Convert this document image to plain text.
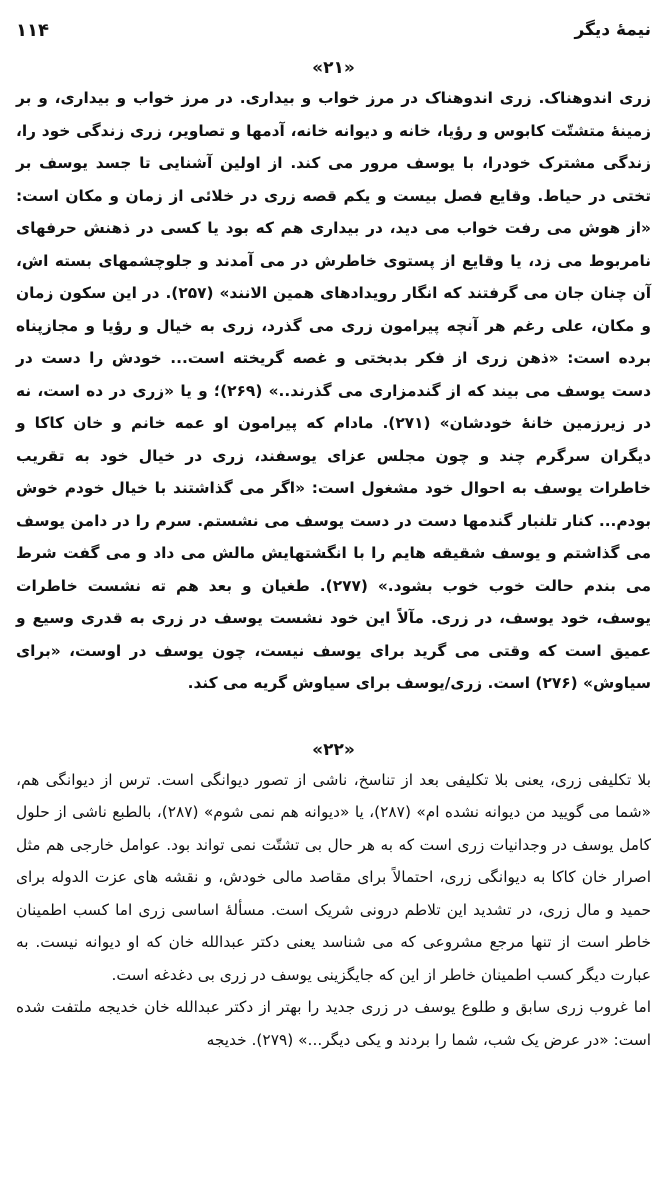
نیمهٔ دیگر
۱۱۴
«۲۱»

زری اندوهناک. زری اندوهناک در مرز خواب و بیداری. در مرز خواب و بیداری، و بر زمینهٔ متشتّت کابوس و رؤیا، خانه و دیوانه خانه، آدمها و تصاویر، زری زندگی خود را، زندگی مشترک خودرا، با یوسف مرور می کند. از اولین آشنایی تا جسد یوسف بر تختی در حیاط. وقایع فصل بیست و یکم قصه زری در خلائی از زمان و مکان است: «از هوش می رفت خواب می دید، در بیداری هم که بود یا کسی در ذهنش حرفهای نامربوط می زد، یا وقایع از پستوی خاطرش در می آمدند و جلوچشمهای بسته اش، آن چنان جان می گرفتند که انگار رویدادهای همین الانند» (۲۵۷). در این سکون زمان و مکان، علی رغم هر آنچه پیرامون زری می گذرد، زری به خیال و رؤیا و مجازپناه برده است: «ذهن زری از فکر بدبختی و غصه گریخته است... خودش را دست در دست یوسف می بیند که از گندمزاری می گذرند..» (۲۶۹)؛ و یا «زری در ده است، نه در زیرزمین خانهٔ خودشان» (۲۷۱). مادام که پیرامون او عمه خانم و خان کاکا و دیگران سرگرم چند و چون مجلس عزای یوسفند، زری در خیال خود به تقریب خاطرات یوسف به احوال خود مشغول است: «اگر می گذاشتند با خیال خودم خوش بودم... کنار تلنبار گندمها دست در دست یوسف می نشستم. سرم را در دامن یوسف می گذاشتم و یوسف شقیقه هایم را با انگشتهایش مالش می داد و می گفت شرط می بندم حالت خوب خوب بشود.» (۲۷۷). طغیان و بعد هم ته نشست خاطرات یوسف، خود یوسف، در زری. مآلاً این خود نشست یوسف در زری به قدری وسیع و عمیق است که وقتی می گرید برای یوسف نیست، چون یوسف در اوست، «برای سیاوش» (۲۷۶) است. زری/یوسف برای سیاوش گریه می کند.

«۲۲»

بلا تکلیفی زری، یعنی بلا تکلیفی بعد از تناسخ، ناشی از تصور دیوانگی است. ترس از دیوانگی هم، «شما می گویید من دیوانه نشده ام» (۲۸۷)، یا «دیوانه هم نمی شوم» (۲۸۷)، بالطبع ناشی از حلول کامل یوسف در وجدانیات زری است که به هر حال بی تشتّت نمی تواند بود. عوامل خارجی هم مثل اصرار خان کاکا به دیوانگی زری، احتمالاً برای مقاصد مالی خودش، و نقشه های عزت الدوله برای حمید و مال زری، در تشدید این تلاطم درونی شریک است. مسألهٔ اساسی زری اما کسب اطمینان خاطر است از تنها مرجع مشروعی که می شناسد یعنی دکتر عبدالله خان که او دیوانه نیست. به عبارت دیگر کسب اطمینان خاطر از این که جایگزینی یوسف در زری بی دغدغه است.

اما غروب زری سابق و طلوع یوسف در زری جدید را بهتر از دکتر عبدالله خان خدیجه ملتفت شده است: «در عرض یک شب، شما را بردند و یکی دیگر...» (۲۷۹). خدیجه
